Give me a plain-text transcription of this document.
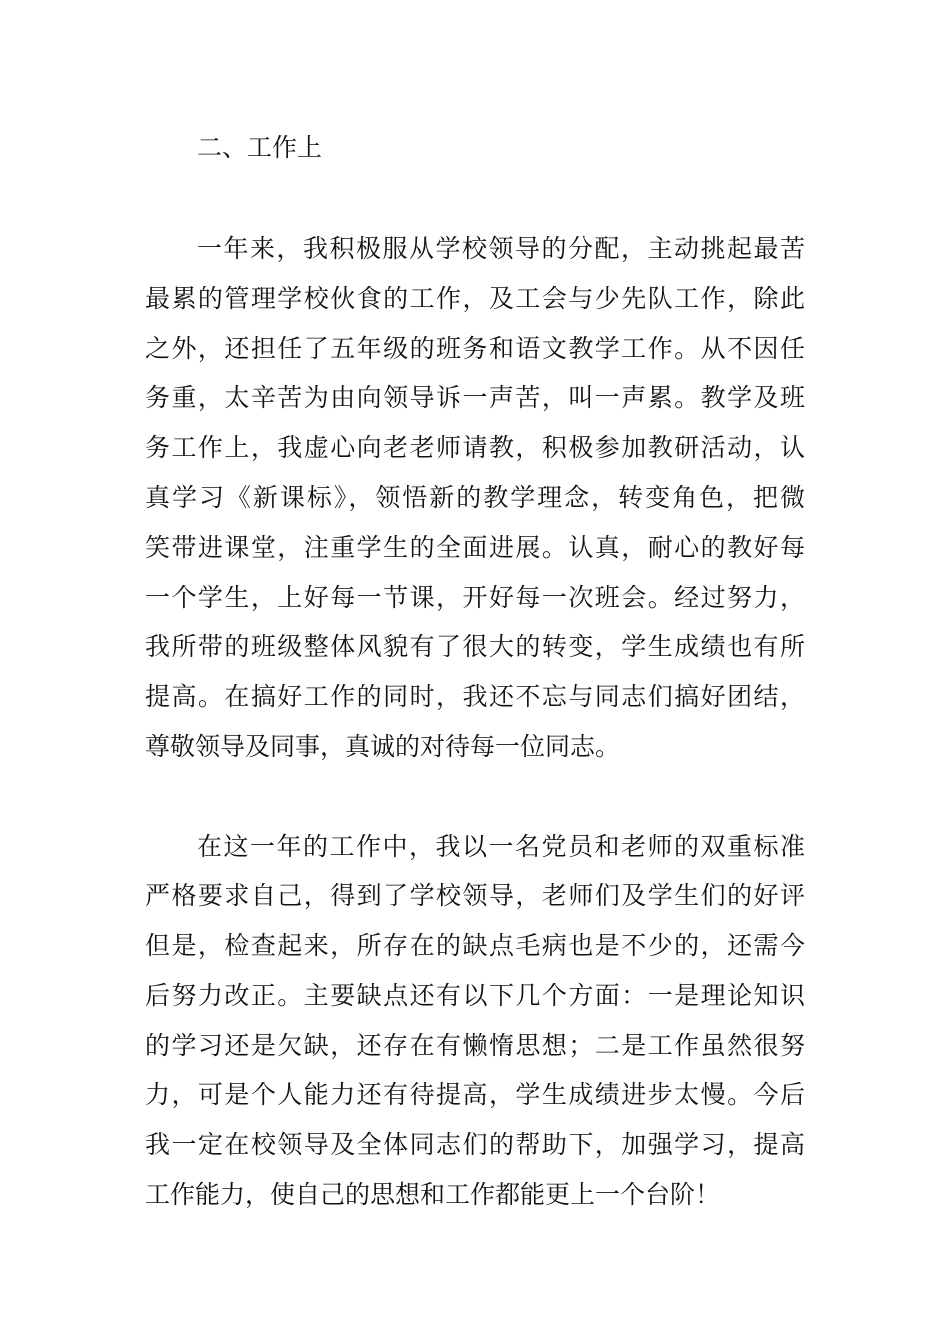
二、工作上
一年来，我积极服从学校领导的分配，主动挑起最苦
最累的管理学校伙食的工作，及工会与少先队工作，除此
之外，还担任了五年级的班务和语文教学工作。从不因任
务重，太辛苦为由向领导诉一声苦，叫一声累。教学及班
务工作上，我虚心向老老师请教，积极参加教研活动，认
真学习《新课标》，领悟新的教学理念，转变角色，把微
笑带进课堂，注重学生的全面进展。认真，耐心的教好每
一个学生，上好每一节课，开好每一次班会。经过努力，
我所带的班级整体风貌有了很大的转变，学生成绩也有所
提高。在搞好工作的同时，我还不忘与同志们搞好团结，
尊敬领导及同事，真诚的对待每一位同志。
在这一年的工作中，我以一名党员和老师的双重标准
严格要求自己，得到了学校领导，老师们及学生们的好评
但是，检查起来，所存在的缺点毛病也是不少的，还需今
后努力改正。主要缺点还有以下几个方面：一是理论知识
的学习还是欠缺，还存在有懒惰思想；二是工作虽然很努
力，可是个人能力还有待提高，学生成绩进步太慢。今后
我一定在校领导及全体同志们的帮助下，加强学习，提高
工作能力，使自己的思想和工作都能更上一个台阶！
